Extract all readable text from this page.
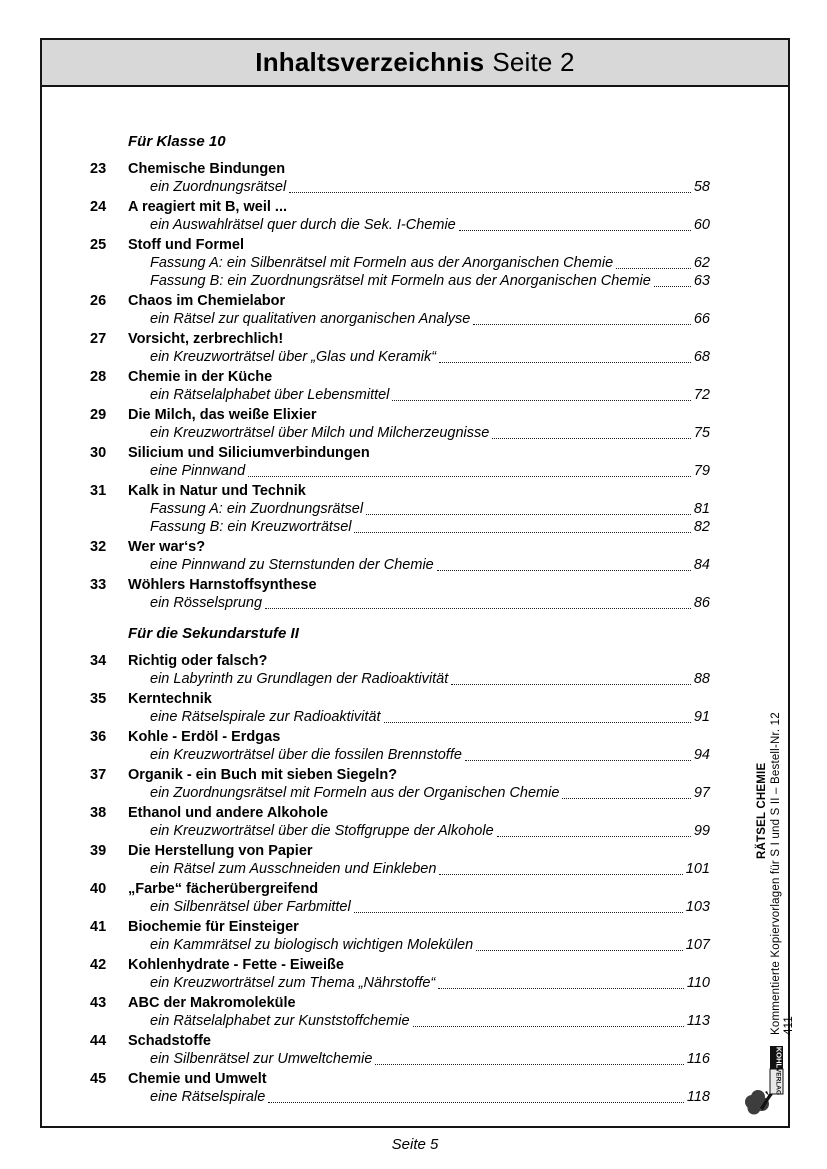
Inhaltsverzeichnis Seite 2
Für Klasse 10
23	Chemische Bindungen
ein Zuordnungsrätsel	58
24	A reagiert mit B, weil ...
ein Auswahlrätsel quer durch die Sek. I-Chemie	60
25	Stoff und Formel
Fassung A: ein Silbenrätsel mit Formeln aus der Anorganischen Chemie	62
Fassung B: ein Zuordnungsrätsel mit Formeln aus der Anorganischen Chemie	63
26	Chaos im Chemielabor
ein Rätsel zur qualitativen anorganischen Analyse	66
27	Vorsicht, zerbrechlich!
ein Kreuzworträtsel über „Glas und Keramik“	68
28	Chemie in der Küche
ein Rätselalphabet über Lebensmittel	72
29	Die Milch, das weiße Elixier
ein Kreuzworträtsel über Milch und Milcherzeugnisse	75
30	Silicium und Siliciumverbindungen
eine Pinnwand	79
31	Kalk in Natur und Technik
Fassung A: ein Zuordnungsrätsel	81
Fassung B: ein Kreuzworträtsel	82
32	Wer war‘s?
eine Pinnwand zu Sternstunden der Chemie	84
33	Wöhlers Harnstoffsynthese
ein Rösselsprung	86
Für die Sekundarstufe II
34	Richtig oder falsch?
ein Labyrinth zu Grundlagen der Radioaktivität	88
35	Kerntechnik
eine Rätselspirale zur Radioaktivität	91
36	Kohle - Erdöl - Erdgas
ein Kreuzworträtsel über die fossilen Brennstoffe	94
37	Organik - ein Buch mit sieben Siegeln?
ein Zuordnungsrätsel mit Formeln aus der Organischen Chemie	97
38	Ethanol und andere Alkohole
ein Kreuzworträtsel über die Stoffgruppe der Alkohole	99
39	Die Herstellung von Papier
ein Rätsel zum Ausschneiden und Einkleben	101
40	„Farbe“ fächerübergreifend
ein Silbenrätsel über Farbmittel	103
41	Biochemie für Einsteiger
ein Kammrätsel zu biologisch wichtigen Molekülen	107
42	Kohlenhydrate - Fette - Eiweiße
ein Kreuzworträtsel zum Thema „Nährstoffe“	110
43	ABC der Makromoleküle
ein Rätselalphabet zur Kunststoffchemie	113
44	Schadstoffe
ein Silbenrätsel zur Umweltchemie	116
45	Chemie und Umwelt
eine Rätselspirale	118
RÄTSEL CHEMIE Kommentierte Kopiervorlagen für S I und S II – Bestell-Nr. 12 411
KOHL
VERLAG
Seite 5
